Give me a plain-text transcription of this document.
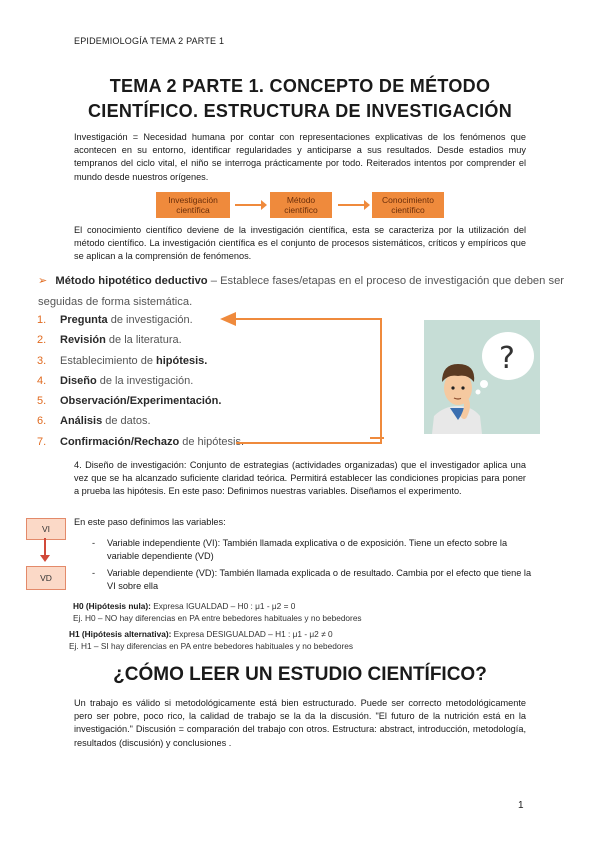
EPIDEMIOLOGÍA TEMA 2 PARTE 1
TEMA 2 PARTE 1. CONCEPTO DE MÉTODO
CIENTÍFICO. ESTRUCTURA DE INVESTIGACIÓN
Investigación = Necesidad humana por contar con representaciones explicativas de los fenómenos que acontecen en su entorno, identificar regularidades y anticiparse a sus resultados. Desde estadios muy tempranos del ciclo vital, el niño se interroga prácticamente por todo. Reiterados intentos por comprender el mundo desde nuestros orígenes.
Investigación científica
Método científico
Conocimiento científico
El conocimiento científico deviene de la investigación científica, esta se caracteriza por la utilización del método científico. La investigación científica es el conjunto de procesos sistemáticos, críticos y empíricos que se aplican a la comprensión de fenómenos.
➢ Método hipotético deductivo – Establece fases/etapas en el proceso de investigación que deben ser seguidas de forma sistemática.
1. Pregunta de investigación.
2. Revisión de la literatura.
3. Establecimiento de hipótesis.
4. Diseño de la investigación.
5. Observación/Experimentación.
6. Análisis de datos.
7. Confirmación/Rechazo de hipótesis.
?
4. Diseño de investigación: Conjunto de estrategias (actividades organizadas) que el investigador aplica una vez que se ha alcanzado suficiente claridad teórica. Permitirá establecer las condiciones propicias para poner a prueba las hipótesis. En este paso: Definimos nuestras variables. Diseñamos el experimento.
VI
VD
En este paso definimos las variables:
- Variable independiente (VI): También llamada explicativa o de exposición. Tiene un efecto sobre la variable dependiente (VD)
- Variable dependiente (VD): También llamada explicada o de resultado. Cambia por el efecto que tiene la VI sobre ella
H0 (Hipótesis nula): Expresa IGUALDAD – H0 : μ1 - μ2 = 0
Ej. H0 – NO hay diferencias en PA entre bebedores habituales y no bebedores
H1 (Hipótesis alternativa): Expresa DESIGUALDAD – H1 : μ1 - μ2 ≠ 0
Ej. H1 – SI hay diferencias en PA entre bebedores habituales y no bebedores
¿CÓMO LEER UN ESTUDIO CIENTÍFICO?
Un trabajo es válido si metodológicamente está bien estructurado. Puede ser correcto metodológicamente pero ser pobre, poco rico, la calidad de trabajo se la da la discusión. "El futuro de la nutrición está en la investigación." Discusión = comparación del trabajo con otros. Estructura: abstract, introducción, metodología, resultados (discusión) y conclusiones .
1
